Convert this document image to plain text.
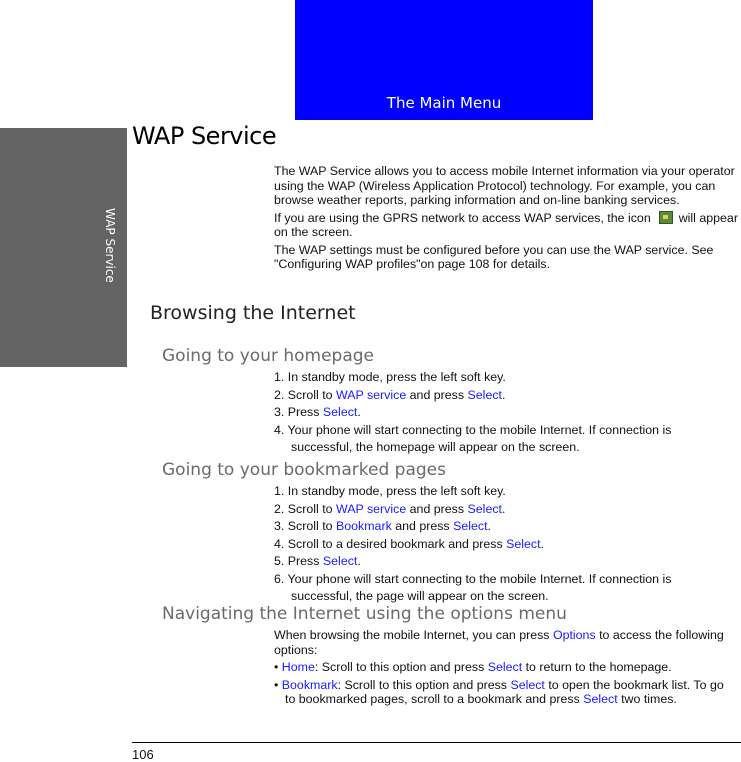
The Main Menu
WAP Service
WAP Service

The WAP Service allows you to access mobile Internet information via your operator using the WAP (Wireless Application Protocol) technology. For example, you can browse weather reports, parking information and on-line banking services.

If you are using the GPRS network to access WAP services, the icon will appear on the screen.

The WAP settings must be configured before you can use the WAP service. See "Configuring WAP profiles"on page 108 for details.

Browsing the Internet
Going to your homepage

1. In standby mode, press the left soft key.

2. Scroll to WAP service and press Select.

3. Press Select.

4. Your phone will start connecting to the mobile Internet. If connection is

successful, the homepage will appear on the screen.

Going to your bookmarked pages

1. In standby mode, press the left soft key.

2. Scroll to WAP service and press Select.

3. Scroll to Bookmark and press Select.

4. Scroll to a desired bookmark and press Select.

5. Press Select.

6. Your phone will start connecting to the mobile Internet. If connection is

successful, the page will appear on the screen.

Navigating the Internet using the options menu

When browsing the mobile Internet, you can press Options to access the following options:

• Home: Scroll to this option and press Select to return to the homepage.

• Bookmark: Scroll to this option and press Select to open the bookmark list. To go to bookmarked pages, scroll to a bookmark and press Select two times.

106
